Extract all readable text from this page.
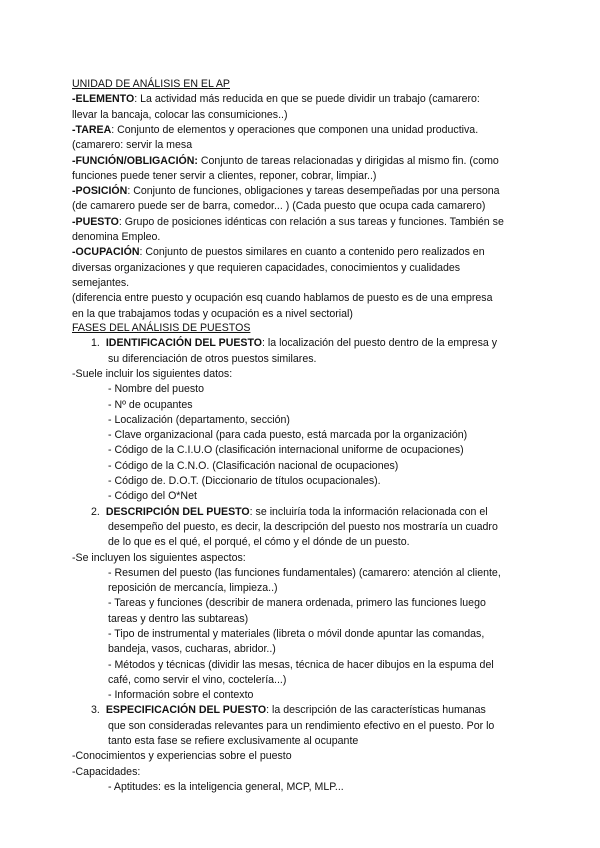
UNIDAD DE ANÁLISIS EN EL AP
-ELEMENTO: La actividad más reducida en que se puede dividir un trabajo (camarero:
llevar la bancaja, colocar las consumiciones..)
-TAREA: Conjunto de elementos y operaciones que componen una unidad productiva.
(camarero: servir la mesa
-FUNCIÓN/OBLIGACIÓN: Conjunto de tareas relacionadas y dirigidas al mismo fin. (como
funciones puede tener servir a clientes, reponer, cobrar, limpiar..)
-POSICIÓN: Conjunto de funciones, obligaciones y tareas desempeñadas por una persona
(de camarero puede ser de barra, comedor... ) (Cada puesto que ocupa cada camarero)
-PUESTO: Grupo de posiciones idénticas con relación a sus tareas y funciones. También se
denomina Empleo.
-OCUPACIÓN: Conjunto de puestos similares en cuanto a contenido pero realizados en
diversas organizaciones y que requieren capacidades, conocimientos y cualidades
semejantes.
(diferencia entre puesto y ocupación esq cuando hablamos de puesto es de una empresa
en la que trabajamos todas y ocupación es a nivel sectorial)
FASES DEL ANÁLISIS DE PUESTOS
1. IDENTIFICACIÓN DEL PUESTO: la localización del puesto dentro de la empresa y
su diferenciación de otros puestos similares.
-Suele incluir los siguientes datos:
- Nombre del puesto
- Nº de ocupantes
- Localización (departamento, sección)
- Clave organizacional (para cada puesto, está marcada por la organización)
- Código de la C.I.U.O (clasificación internacional uniforme de ocupaciones)
- Código de la C.N.O. (Clasificación nacional de ocupaciones)
- Código de. D.O.T. (Diccionario de títulos ocupacionales).
- Código del O*Net
2. DESCRIPCIÓN DEL PUESTO: se incluiría toda la información relacionada con el
desempeño del puesto, es decir, la descripción del puesto nos mostraría un cuadro
de lo que es el qué, el porqué, el cómo y el dónde de un puesto.
-Se incluyen los siguientes aspectos:
- Resumen del puesto (las funciones fundamentales) (camarero: atención al cliente,
reposición de mercancía, limpieza..)
- Tareas y funciones (describir de manera ordenada, primero las funciones luego
tareas y dentro las subtareas)
- Tipo de instrumental y materiales (libreta o móvil donde apuntar las comandas,
bandeja, vasos, cucharas, abridor..)
- Métodos y técnicas (dividir las mesas, técnica de hacer dibujos en la espuma del
café, como servir el vino, coctelería...)
- Información sobre el contexto
3. ESPECIFICACIÓN DEL PUESTO: la descripción de las características humanas
que son consideradas relevantes para un rendimiento efectivo en el puesto. Por lo
tanto esta fase se refiere exclusivamente al ocupante
-Conocimientos y experiencias sobre el puesto
-Capacidades:
- Aptitudes: es la inteligencia general, MCP, MLP...
